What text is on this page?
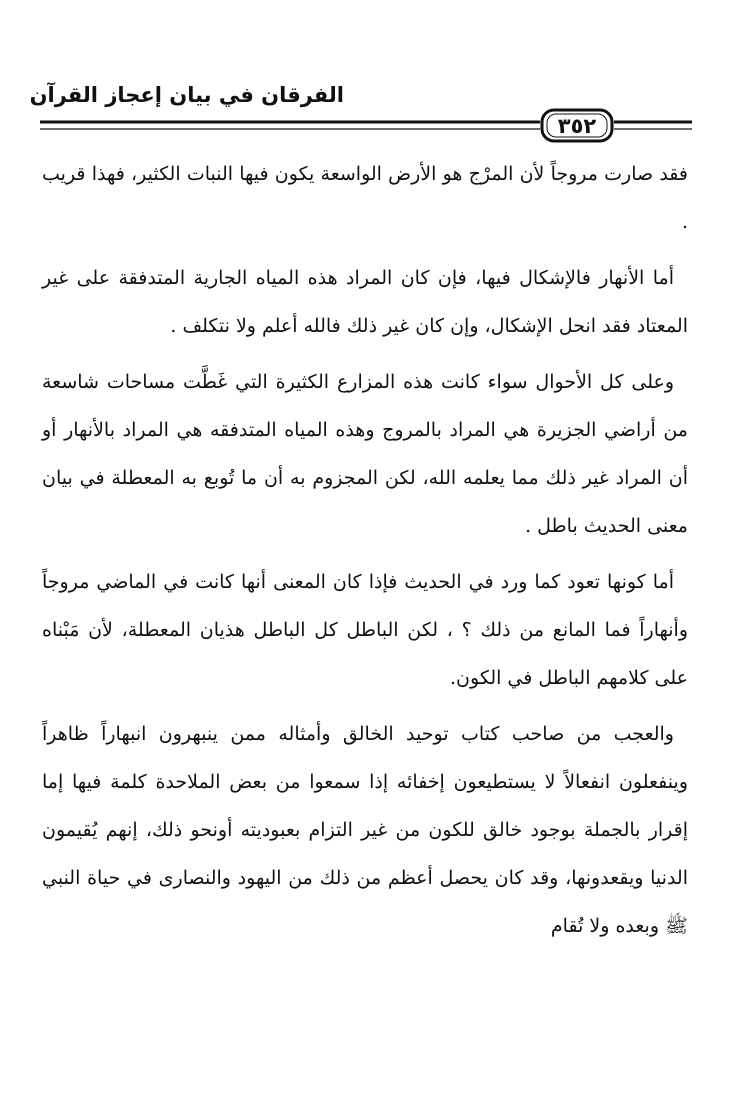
الفرقان في بيان إعجاز القرآن
٣٥٢

فقد صارت مروجاً لأن المرْج هو الأرض الواسعة يكون فيها النبات الكثير، فهذا قريب .

أما الأنهار فالإشكال فيها، فإن كان المراد هذه المياه الجارية المتدفقة على غير المعتاد فقد انحل الإشكال، وإن كان غير ذلك فالله أعلم ولا نتكلف .

وعلى كل الأحوال سواء كانت هذه المزارع الكثيرة التي غَطَّت مساحات شاسعة من أراضي الجزيرة هي المراد بالمروج وهذه المياه المتدفقه هي المراد بالأنهار أو أن المراد غير ذلك مما يعلمه الله، لكن المجزوم به أن ما تُوبع به المعطلة في بيان معنى الحديث باطل .

أما كونها تعود كما ورد في الحديث فإذا كان المعنى أنها كانت في الماضي مروجاً وأنهاراً فما المانع من ذلك ؟ ، لكن الباطل كل الباطل هذيان المعطلة، لأن مَبْناه على كلامهم الباطل في الكون.

والعجب من صاحب كتاب توحيد الخالق وأمثاله ممن ينبهرون انبهاراً ظاهراً وينفعلون انفعالاً لا يستطيعون إخفائه إذا سمعوا من بعض الملاحدة كلمة فيها إما إقرار بالجملة بوجود خالق للكون من غير التزام بعبوديته أونحو ذلك، إنهم يُقيمون الدنيا ويقعدونها، وقد كان يحصل أعظم من ذلك من اليهود والنصارى في حياة النبي ﷺ وبعده ولا تُقام
